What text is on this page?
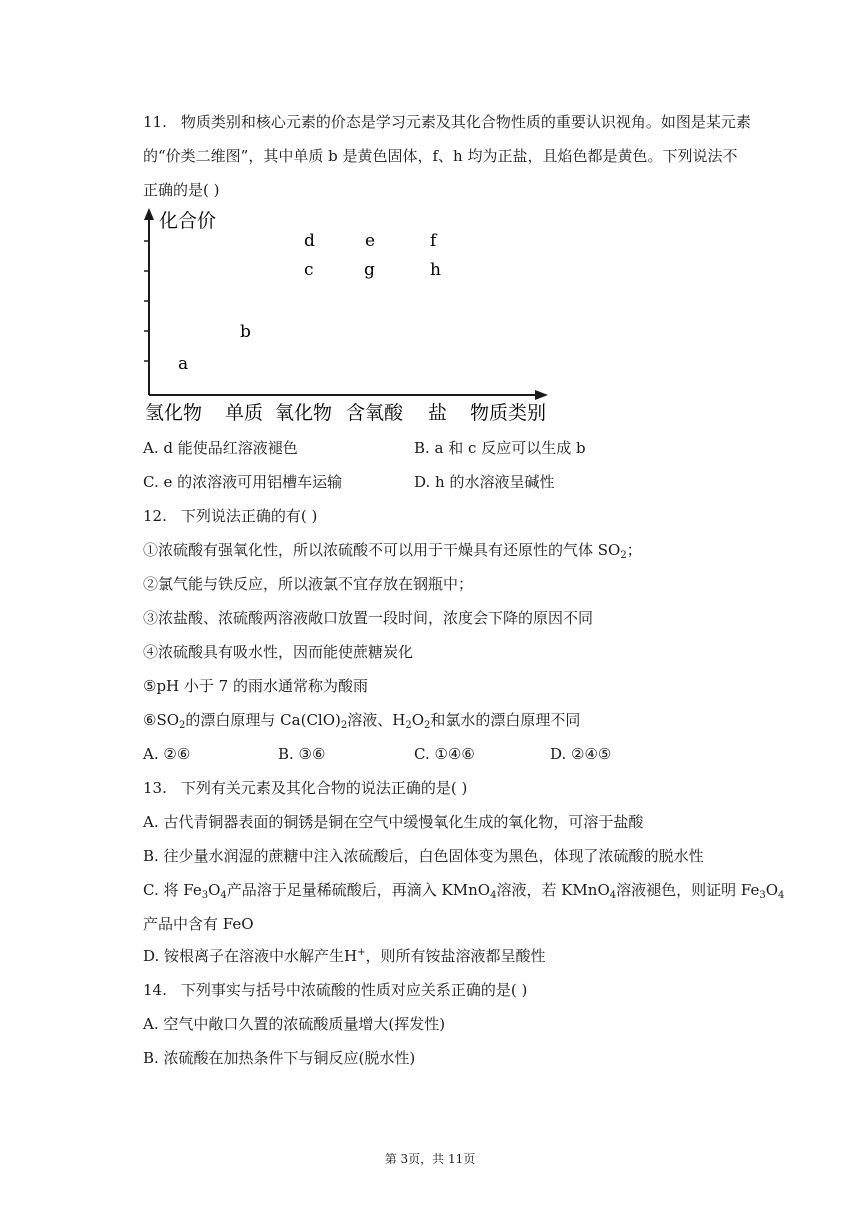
11. 物质类别和核心元素的价态是学习元素及其化合物性质的重要认识视角。如图是某元素
的“价类二维图”，其中单质 b 是黄色固体，f、h 均为正盐，且焰色都是黄色。下列说法不
正确的是( )
化合价
a
b
c
d	e
g
f
h
氢化物 单质 氧化物 含氧酸 盐 物质类别
A. d 能使品红溶液褪色	B. a 和 c 反应可以生成 b
C. e 的浓溶液可用铝槽车运输	D. h 的水溶液呈碱性
12. 下列说法正确的有( )
①浓硫酸有强氧化性，所以浓硫酸不可以用于干燥具有还原性的气体 $SO_2$；
②氯气能与铁反应，所以液氯不宜存放在钢瓶中；
③浓盐酸、浓硫酸两溶液敞口放置一段时间，浓度会下降的原因不同
④浓硫酸具有吸水性，因而能使蔗糖炭化
⑤pH 小于 7 的雨水通常称为酸雨
$⑥SO_2$的漂白原理与 $Ca(ClO)_2$溶液、$H_2O_2$和氯水的漂白原理不同
A. ②⑥	B. ③⑥	C. ①④⑥	D. ②④⑤
13. 下列有关元素及其化合物的说法正确的是( )
A. 古代青铜器表面的铜锈是铜在空气中缓慢氧化生成的氧化物，可溶于盐酸
B. 往少量水润湿的蔗糖中注入浓硫酸后，白色固体变为黑色，体现了浓硫酸的脱水性
C. 将 $Fe_3O_4$产品溶于足量稀硫酸后，再滴入 KMnO$_4$溶液，若 KMnO$_4$溶液褪色，则证明 $Fe_3O_4$
产品中含有 FeO
D. 铵根离子在溶液中水解产生H+，则所有铵盐溶液都呈酸性
14. 下列事实与括号中浓硫酸的性质对应关系正确的是( )
A. 空气中敞口久置的浓硫酸质量增大(挥发性)
B. 浓硫酸在加热条件下与铜反应(脱水性)
第 3页，共 11页
